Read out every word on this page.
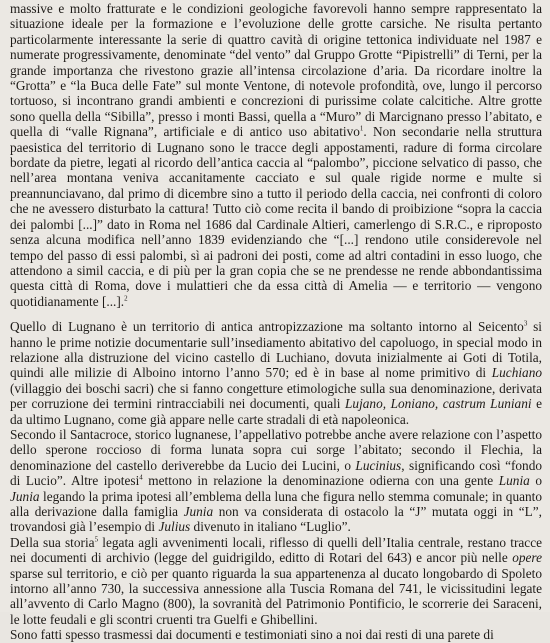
massive e molto fratturate e le condizioni geologiche favorevoli hanno sempre rappresentato la situazione ideale per la formazione e l’evoluzione delle grotte carsiche. Ne risulta pertanto particolarmente interessante la serie di quattro cavità di origine tettonica individuate nel 1987 e numerate progressivamente, denominate “del vento” dal Gruppo Grotte “Pipistrelli” di Terni, per la grande importanza che rivestono grazie all’intensa circolazione d’aria. Da ricordare inoltre la “Grotta” e “la Buca delle Fate” sul monte Ventone, di notevole profondità, ove, lungo il percorso tortuoso, si incontrano grandi ambienti e concrezioni di purissime colate calcitiche. Altre grotte sono quella della “Sibilla”, presso i monti Bassi, quella a “Muro” di Marcignano presso l’abitato, e quella di “valle Rignana”, artificiale e di antico uso abitativo$^1$. Non secondarie nella struttura paesistica del territorio di Lugnano sono le tracce degli appostamenti, radure di forma circolare bordate da pietre, legati al ricordo dell’antica caccia al “palombo”, piccione selvatico di passo, che nell’area montana veniva accanitamente cacciato e sul quale rigide norme e multe si preannunciavano, dal primo di dicembre sino a tutto il periodo della caccia, nei confronti di coloro che ne avessero disturbato la cattura! Tutto ciò come recita il bando di proibizione “sopra la caccia dei palombi [...]” dato in Roma nel 1686 dal Cardinale Altieri, camerlengo di S.R.C., e riproposto senza alcuna modifica nell’anno 1839 evidenziando che “[...] rendono utile considerevole nel tempo del passo di essi palombi, sì ai padroni dei posti, come ad altri contadini in esso luogo, che attendono a simil caccia, e di più per la gran copia che se ne prendesse ne rende abbondantissima questa città di Roma, dove i mulattieri che da essa città di Amelia — e territorio — vengono quotidianamente [...].$^2$

Quello di Lugnano è un territorio di antica antropizzazione ma soltanto intorno al Seicento$^3$ si hanno le prime notizie documentarie sull’insediamento abitativo del capoluogo, in special modo in relazione alla distruzione del vicino castello di Luchiano, dovuta inizialmente ai Goti di Totila, quindi alle milizie di Alboino intorno l’anno 570; ed è in base al nome primitivo di Luchiano (villaggio dei boschi sacri) che si fanno congetture etimologiche sulla sua denominazione, derivata per corruzione dei termini rintracciabili nei documenti, quali Lujano, Lonianо, castrum Luniani e da ultimo Lugnano, come già appare nelle carte stradali di età napoleonica.

Secondo il Santacroce, storico lugnanese, l’appellativo potrebbe anche avere relazione con l’aspetto dello sperone roccioso di forma lunata sopra cui sorge l’abitato; secondo il Flechia, la denominazione del castello deriverebbe da Lucio dei Lucini, o Lucinius, significando così “fondo di Lucio”. Altre ipotesi$^4$ mettono in relazione la denominazione odierna con una gente Lunia o Junia legando la prima ipotesi all’emblema della luna che figura nello stemma comunale; in quanto alla derivazione dalla famiglia Junia non va considerata di ostacolo la “J” mutata oggi in “L”, trovandosi già l’esempio di Julius divenuto in italiano “Luglio”.

Della sua storia$^5$ legata agli avvenimenti locali, riflesso di quelli dell’Italia centrale, restano tracce nei documenti di archivio (legge del guidrigildo, editto di Rotari del 643) e ancor più nelle opere sparse sul territorio, e ciò per quanto riguarda la sua appartenenza al ducato longobardo di Spoleto intorno all’anno 730, la successiva annessione alla Tuscia Romana del 741, le vicissitudini legate all’avvento di Carlo Magno (800), la sovranità del Patrimonio Pontificio, le scorrerie dei Saraceni, le lotte feudali e gli scontri cruenti tra Guelfi e Ghibellini.

Sono fatti spesso trasmessi dai documenti e testimoniati sino a noi dai resti di una parete di
